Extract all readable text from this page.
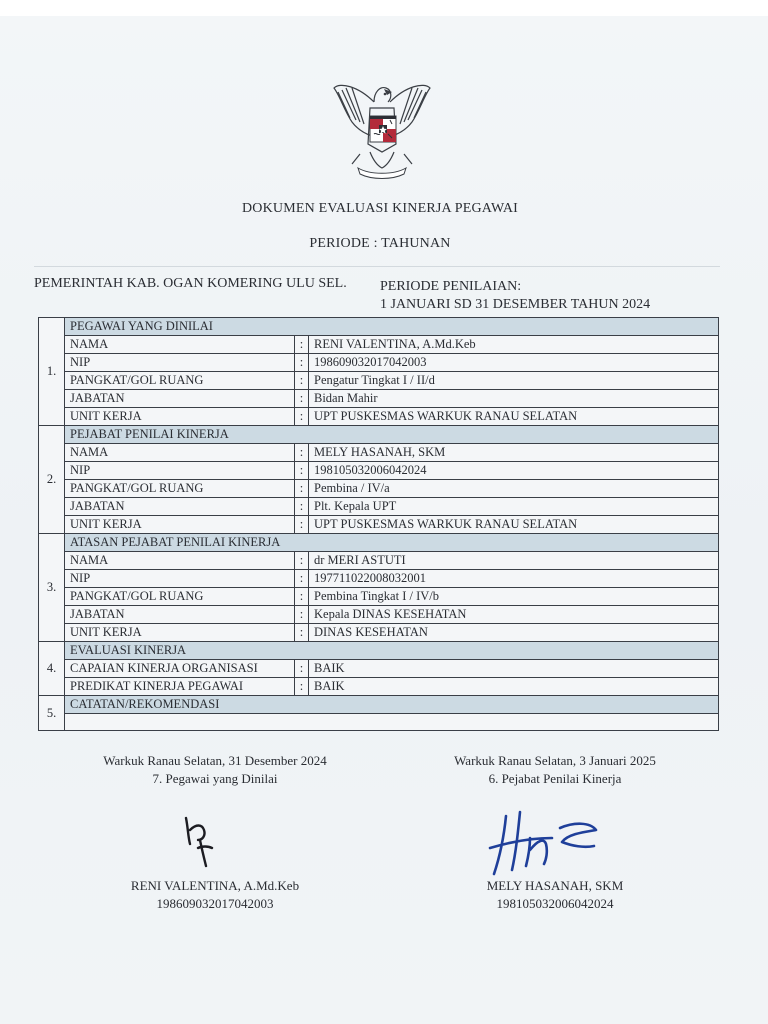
DOKUMEN EVALUASI KINERJA PEGAWAI
PERIODE : TAHUNAN
PEMERINTAH KAB. OGAN KOMERING ULU SEL.	PERIODE PENILAIAN:
1 JANUARI SD 31 DESEMBER TAHUN 2024
1.	PEGAWAI YANG DINILAI		
	NAMA	:	RENI VALENTINA, A.Md.Keb
	NIP	:	198609032017042003
	PANGKAT/GOL RUANG	:	Pengatur Tingkat I / II/d
	JABATAN	:	Bidan Mahir
	UNIT KERJA	:	UPT PUSKESMAS WARKUK RANAU SELATAN
2.	PEJABAT PENILAI KINERJA		
	NAMA	:	MELY HASANAH, SKM
	NIP	:	198105032006042024
	PANGKAT/GOL RUANG	:	Pembina / IV/a
	JABATAN	:	Plt. Kepala UPT
	UNIT KERJA	:	UPT PUSKESMAS WARKUK RANAU SELATAN
3.	ATASAN PEJABAT PENILAI KINERJA		
	NAMA	:	dr MERI ASTUTI
	NIP	:	197711022008032001
	PANGKAT/GOL RUANG	:	Pembina Tingkat I / IV/b
	JABATAN	:	Kepala DINAS KESEHATAN
	UNIT KERJA	:	DINAS KESEHATAN
4.	EVALUASI KINERJA		
	CAPAIAN KINERJA ORGANISASI	:	BAIK
	PREDIKAT KINERJA PEGAWAI	:	BAIK
5.	CATATAN/REKOMENDASI		

Warkuk Ranau Selatan, 31 Desember 2024
7. Pegawai yang Dinilai
RENI VALENTINA, A.Md.Keb
198609032017042003
Warkuk Ranau Selatan, 3 Januari 2025
6. Pejabat Penilai Kinerja
MELY HASANAH, SKM
198105032006042024
